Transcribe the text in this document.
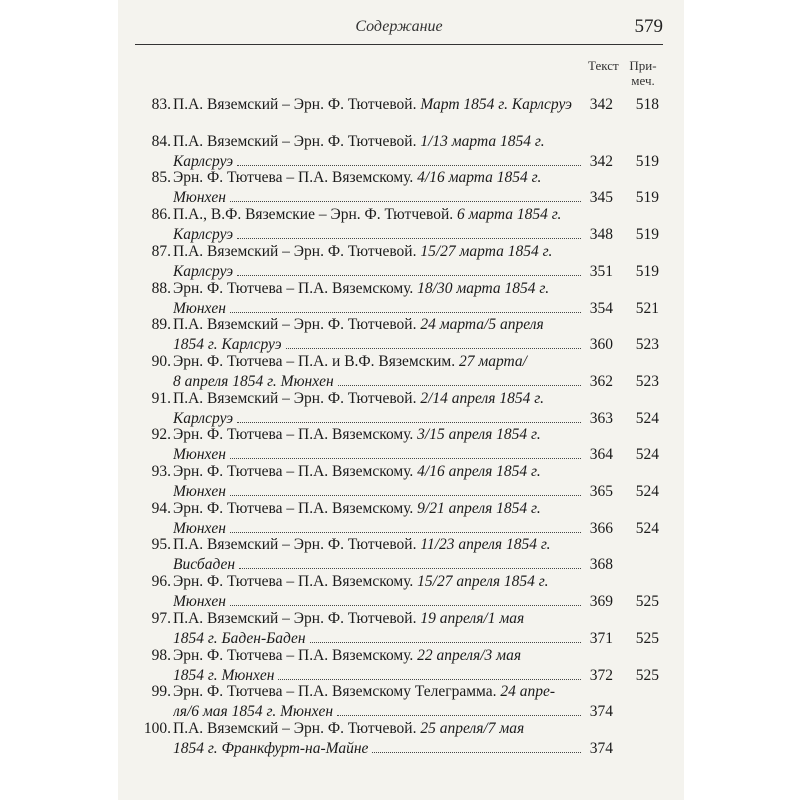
Содержание	579
Текст При-
меч.
83. П.А. Вяземский – Эрн. Ф. Тютчевой. Март 1854 г. Карлсруэ	342	518
84. П.А. Вяземский – Эрн. Ф. Тютчевой. 1/13 марта 1854 г.
Карлсруэ	342	519
85. Эрн. Ф. Тютчева – П.А. Вяземскому. 4/16 марта 1854 г.
Мюнхен	345	519
86. П.А., В.Ф. Вяземские – Эрн. Ф. Тютчевой. 6 марта 1854 г.
Карлсруэ	348	519
87. П.А. Вяземский – Эрн. Ф. Тютчевой. 15/27 марта 1854 г.
Карлсруэ	351	519
88. Эрн. Ф. Тютчева – П.А. Вяземскому. 18/30 марта 1854 г.
Мюнхен	354	521
89. П.А. Вяземский – Эрн. Ф. Тютчевой. 24 марта/5 апреля
1854 г. Карлсруэ	360	523
90. Эрн. Ф. Тютчева – П.А. и В.Ф. Вяземским. 27 марта/
8 апреля 1854 г. Мюнхен	362	523
91. П.А. Вяземский – Эрн. Ф. Тютчевой. 2/14 апреля 1854 г.
Карлсруэ	363	524
92. Эрн. Ф. Тютчева – П.А. Вяземскому. 3/15 апреля 1854 г.
Мюнхен	364	524
93. Эрн. Ф. Тютчева – П.А. Вяземскому. 4/16 апреля 1854 г.
Мюнхен	365	524
94. Эрн. Ф. Тютчева – П.А. Вяземскому. 9/21 апреля 1854 г.
Мюнхен	366	524
95. П.А. Вяземский – Эрн. Ф. Тютчевой. 11/23 апреля 1854 г.
Висбаден	368
96. Эрн. Ф. Тютчева – П.А. Вяземскому. 15/27 апреля 1854 г.
Мюнхен	369	525
97. П.А. Вяземский – Эрн. Ф. Тютчевой. 19 апреля/1 мая
1854 г. Баден-Баден	371	525
98. Эрн. Ф. Тютчева – П.А. Вяземскому. 22 апреля/3 мая
1854 г. Мюнхен	372	525
99. Эрн. Ф. Тютчева – П.А. Вяземскому Телеграмма. 24 апре-
ля/6 мая 1854 г. Мюнхен	374
100. П.А. Вяземский – Эрн. Ф. Тютчевой. 25 апреля/7 мая
1854 г. Франкфурт-на-Майне	374
